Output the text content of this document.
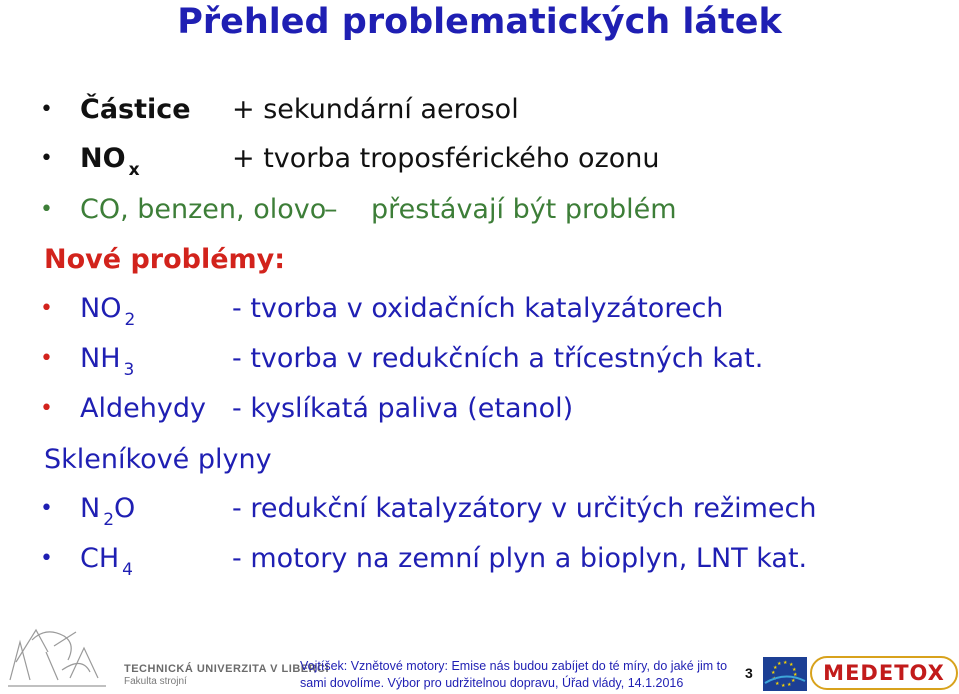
Přehled problematických látek
• Částice + sekundární aerosol
• NO $_x$	+ tvorba troposférického ozonu
• CO, benzen, olovo
– přestávají být problém
Nové problémy:
• NO $_2$	- tvorba v oxidačních katalyzátorech
• NH $_3$	- tvorba v redukčních a třícestných kat.
• Aldehydy - kyslíkatá paliva (etanol)
Skleníkové plyny
• N $_2$O	- redukční katalyzátory v určitých režimech
• CH $_4$	- motory na zemní plyn a bioplyn, LNT kat.
TECHNICKÁ UNIVERZITA V LIBERCI
Fakulta strojní
Vojtíšek: Vznětové motory: Emise nás budou zabíjet do té míry, do jaké jim to
sami dovolíme. Výbor pro udržitelnou dopravu, Úřad vlády, 14.1.2016
3
★ ★
★
★
★
★
★
★
★
★
★
★	MEDETOX
